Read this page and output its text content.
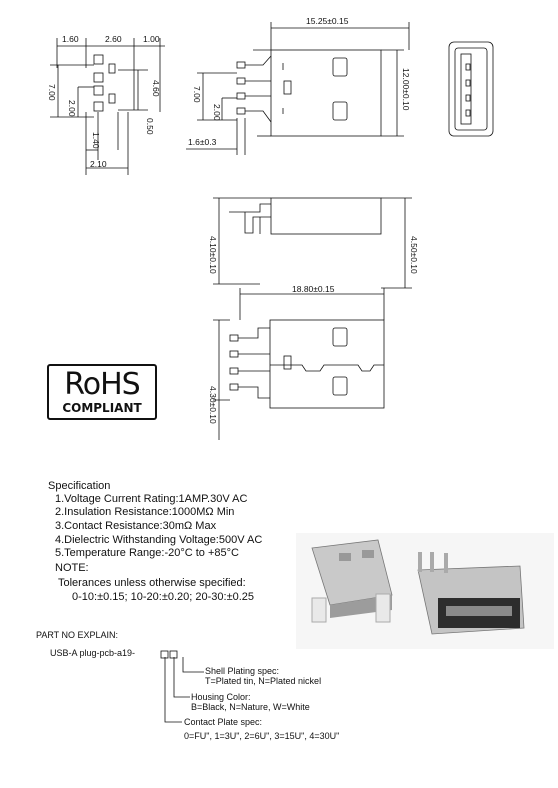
1.60	2.60	1.00
7.00
2.00
4.60
0.50
1.40
2.10
15.25±0.15
7.00
2.00
1.6±0.3
12.00±0.10
4.10±0.10	4.50±0.10
18.80±0.15
4.30±0.10
RoHS
COMPLIANT
Specification
1.Voltage Current Rating:1AMP.30V AC
2.Insulation Resistance:1000MΩ Min
3.Contact Resistance:30mΩ Max
4.Dielectric Withstanding Voltage:500V AC
5.Temperature Range:-20°C to +85°C
NOTE:
Tolerances unless otherwise specified:
0-10:±0.15; 10-20:±0.20; 20-30:±0.25
PART NO EXPLAIN:
USB-A plug-pcb-a19-
Shell Plating spec:
T=Plated tin, N=Plated nickel
Housing Color:
B=Black, N=Nature, W=White
Contact Plate spec:
0=FU", 1=3U", 2=6U", 3=15U", 4=30U"
